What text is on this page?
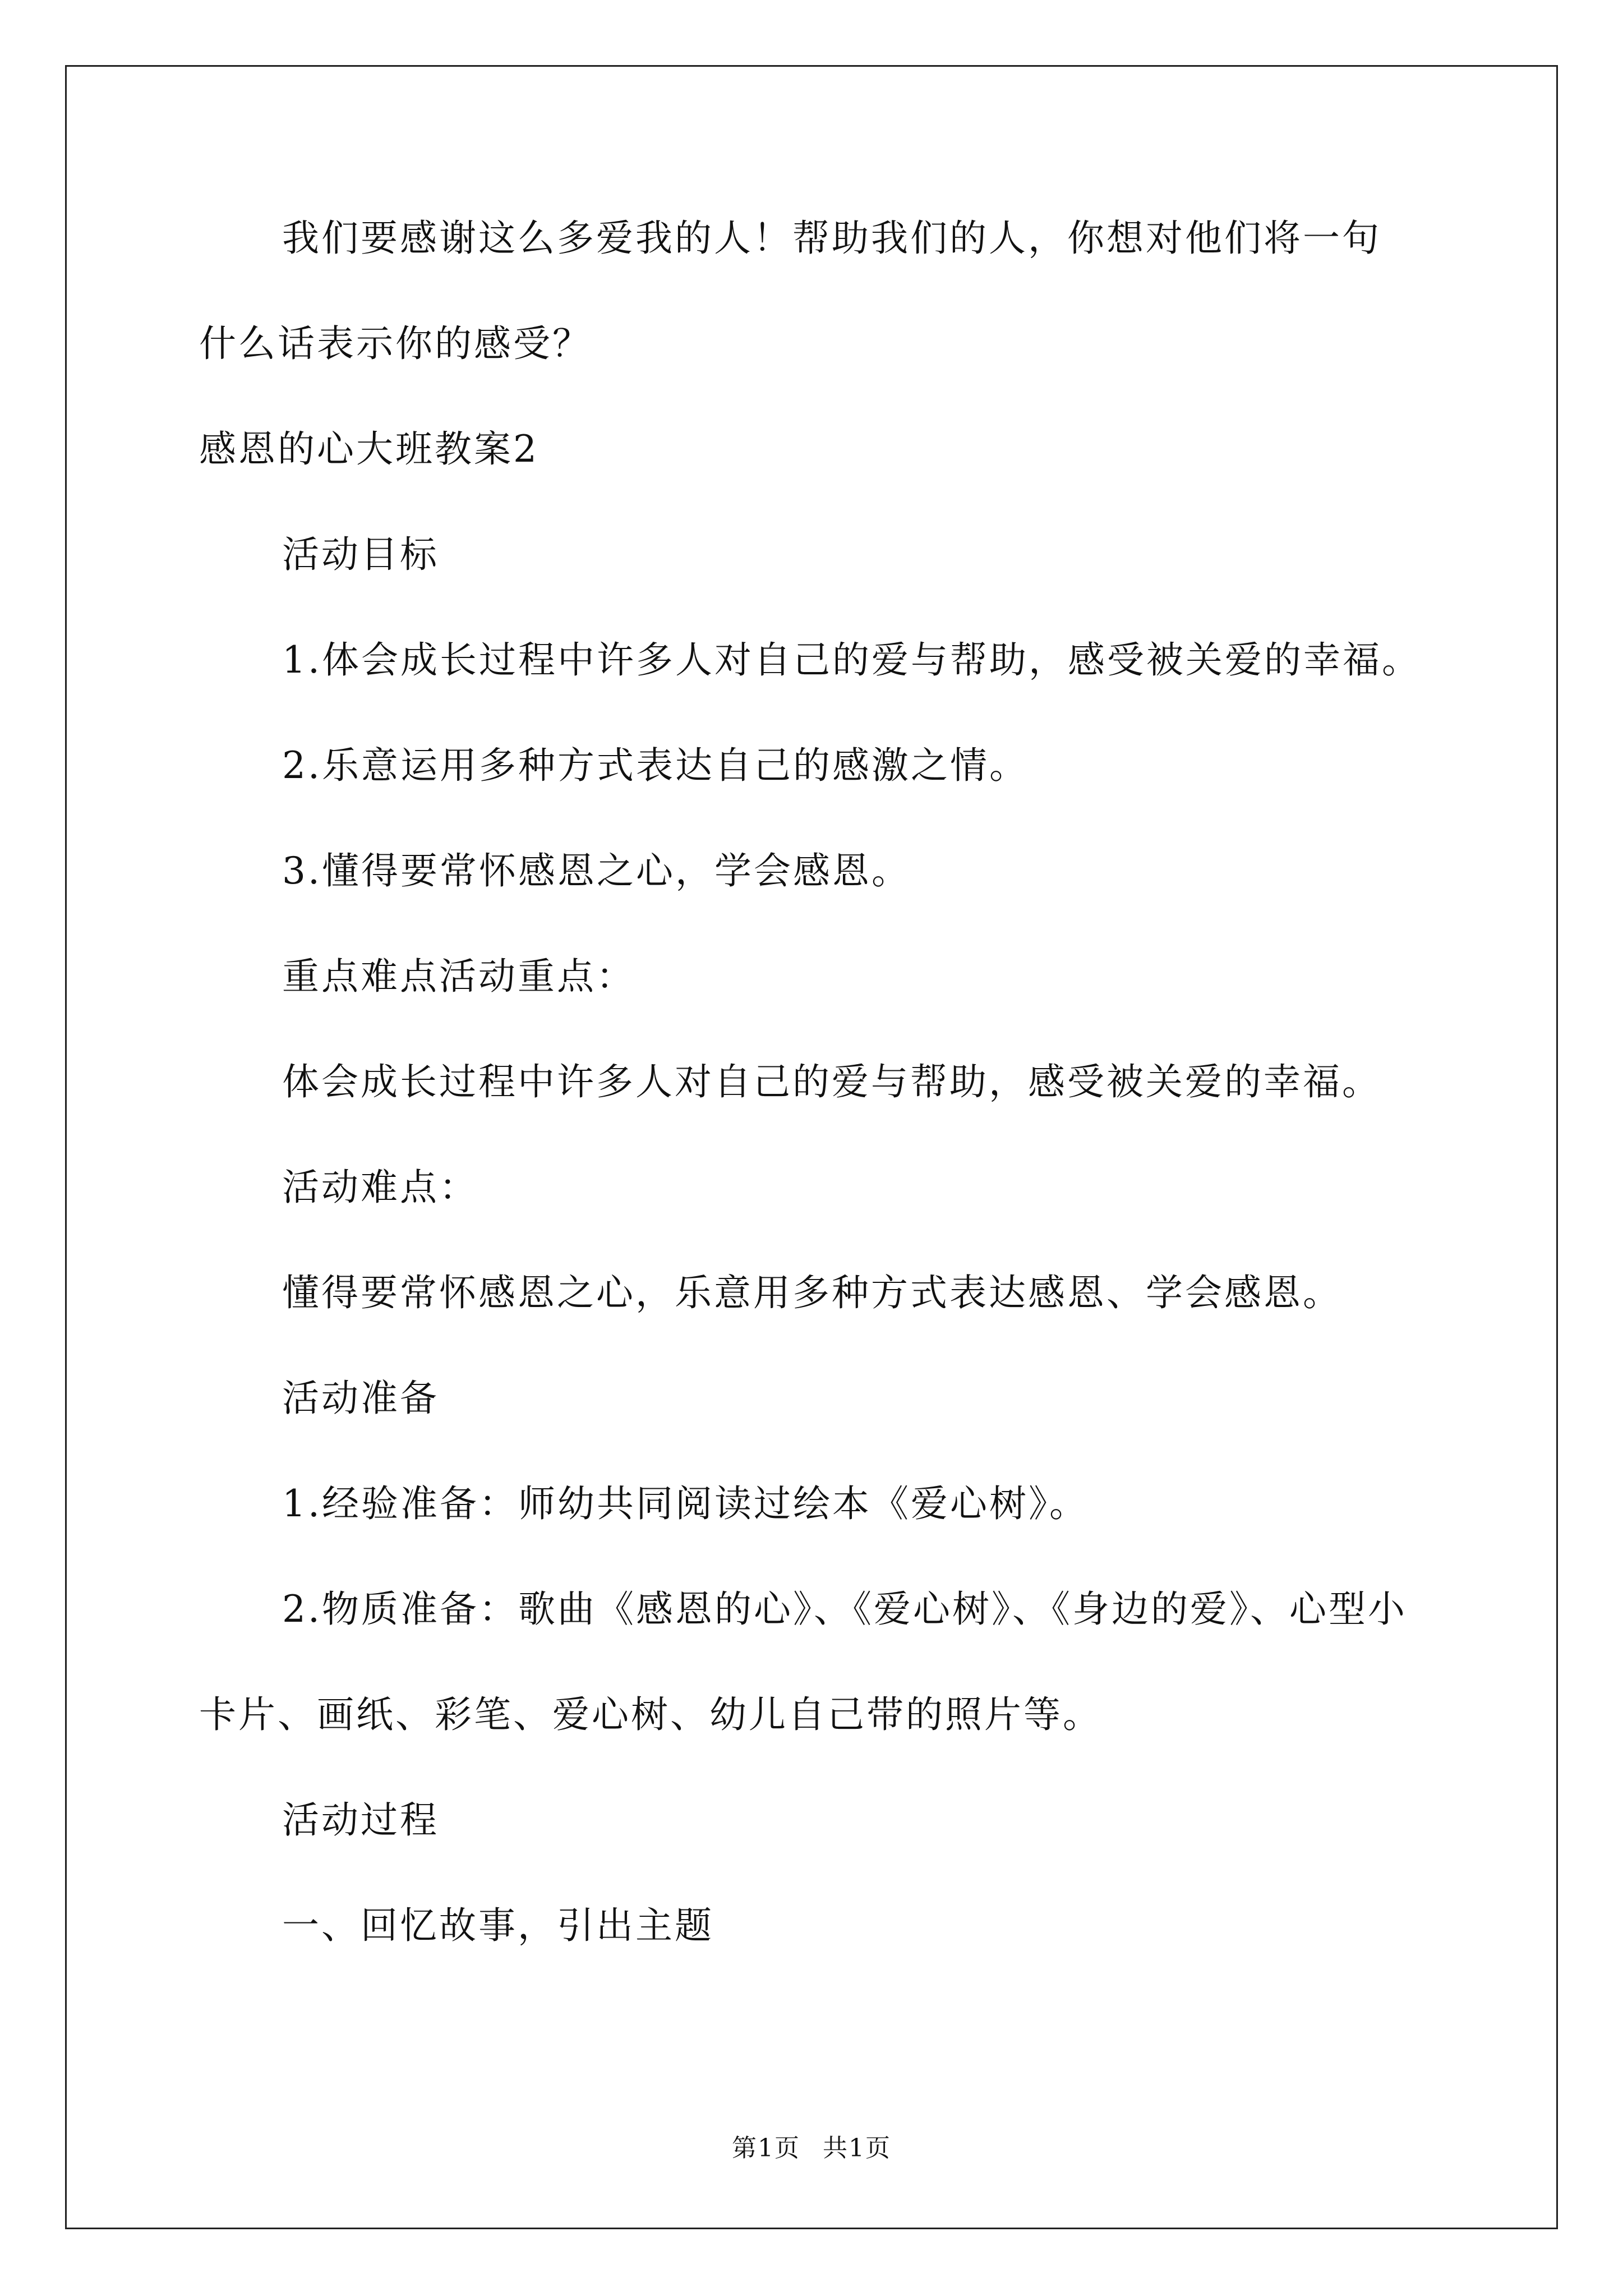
我们要感谢这么多爱我的人！帮助我们的人，你想对他们将一句
什么话表示你的感受？
感恩的心大班教案2
活动目标
1.体会成长过程中许多人对自己的爱与帮助，感受被关爱的幸福。
2.乐意运用多种方式表达自己的感激之情。
3.懂得要常怀感恩之心，学会感恩。
重点难点活动重点：
体会成长过程中许多人对自己的爱与帮助，感受被关爱的幸福。
活动难点：
懂得要常怀感恩之心，乐意用多种方式表达感恩、学会感恩。
活动准备
1.经验准备：师幼共同阅读过绘本《爱心树》。
2.物质准备：歌曲《感恩的心》、《爱心树》、《身边的爱》、心型小
卡片、画纸、彩笔、爱心树、幼儿自己带的照片等。
活动过程
一、回忆故事，引出主题
第1页 共1页
